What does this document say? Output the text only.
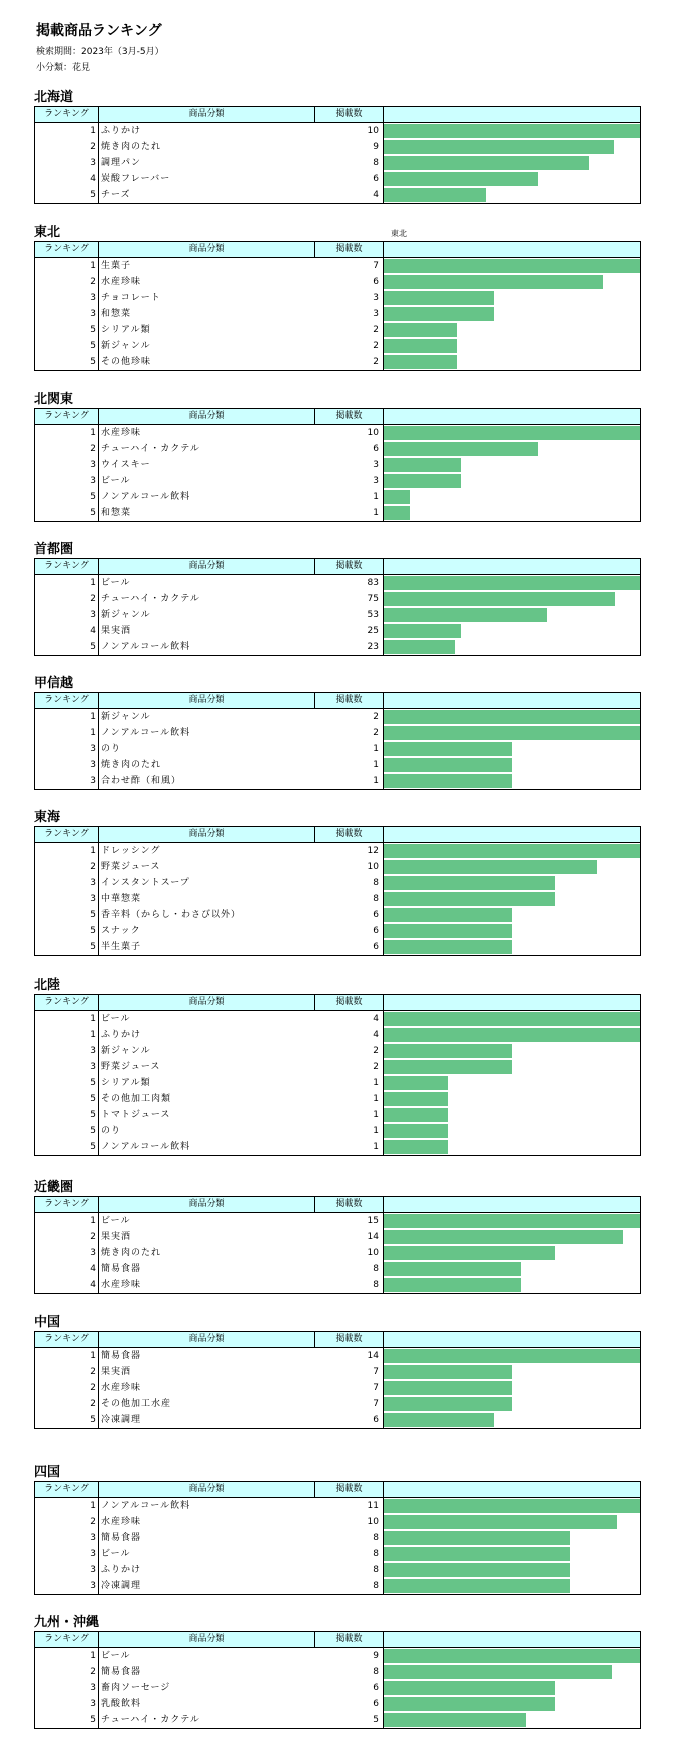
掲載商品ランキング
検索期間：2023年（3月-5月）
小分類：花見
北海道
ランキング	商品分類	掲載数	
1	ふりかけ	10	

2	焼き肉のたれ	9	

3	調理パン	8	

4	炭酸フレーバー	6	

5	チーズ	4	
東北	東北
ランキング	商品分類	掲載数	
1	生菓子	7	

2	水産珍味	6	

3	チョコレート	3	

3	和惣菜	3	

5	シリアル類	2	

5	新ジャンル	2	

5	その他珍味	2	
北関東
ランキング	商品分類	掲載数	
1	水産珍味	10	

2	チューハイ・カクテル	6	

3	ウイスキー	3	

3	ビール	3	

5	ノンアルコール飲料	1	

5	和惣菜	1	
首都圏
ランキング	商品分類	掲載数	
1	ビール	83	

2	チューハイ・カクテル	75	

3	新ジャンル	53	

4	果実酒	25	

5	ノンアルコール飲料	23	
甲信越
ランキング	商品分類	掲載数	
1	新ジャンル	2	

1	ノンアルコール飲料	2	

3	のり	1	

3	焼き肉のたれ	1	

3	合わせ酢（和風）	1	
東海
ランキング	商品分類	掲載数	
1	ドレッシング	12	

2	野菜ジュース	10	

3	インスタントスープ	8	

3	中華惣菜	8	

5	香辛料（からし・わさび以外）	6	

5	スナック	6	

5	半生菓子	6	
北陸
ランキング	商品分類	掲載数	
1	ビール	4	

1	ふりかけ	4	

3	新ジャンル	2	

3	野菜ジュース	2	

5	シリアル類	1	

5	その他加工肉類	1	

5	トマトジュース	1	

5	のり	1	

5	ノンアルコール飲料	1	
近畿圏
ランキング	商品分類	掲載数	
1	ビール	15	

2	果実酒	14	

3	焼き肉のたれ	10	

4	簡易食器	8	

4	水産珍味	8	
中国
ランキング	商品分類	掲載数	
1	簡易食器	14	

2	果実酒	7	

2	水産珍味	7	

2	その他加工水産	7	

5	冷凍調理	6	
四国
ランキング	商品分類	掲載数	
1	ノンアルコール飲料	11	

2	水産珍味	10	

3	簡易食器	8	

3	ビール	8	

3	ふりかけ	8	

3	冷凍調理	8	
九州・沖縄
ランキング	商品分類	掲載数	
1	ビール	9	

2	簡易食器	8	

3	畜肉ソーセージ	6	

3	乳酸飲料	6	

5	チューハイ・カクテル	5	
